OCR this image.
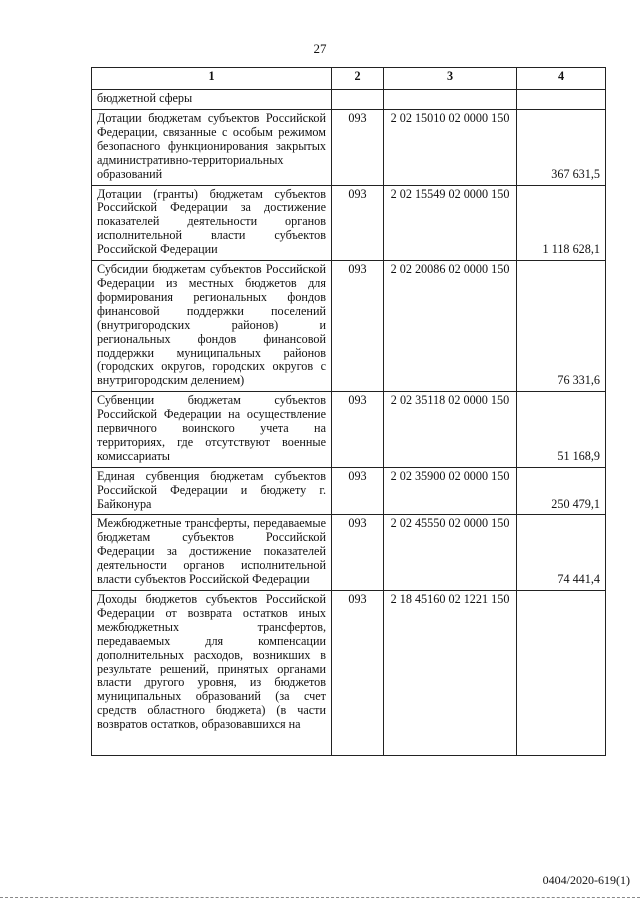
27
1	2	3	4
бюджетной сферы			
Дотации бюджетам субъектов Российской Федерации, связанные с особым режимом безопасного функционирования закрытых административно-территориальных образований	093	2 02 15010 02 0000 150	367 631,5
Дотации (гранты) бюджетам субъектов Российской Федерации за достижение показателей деятельности органов исполнительной власти субъектов Российской Федерации	093	2 02 15549 02 0000 150	1 118 628,1
Субсидии бюджетам субъектов Российской Федерации из местных бюджетов для формирования региональных фондов финансовой поддержки поселений (внутригородских районов) и региональных фондов финансовой поддержки муниципальных районов (городских округов, городских округов с внутригородским делением)	093	2 02 20086 02 0000 150	76 331,6
Субвенции бюджетам субъектов Российской Федерации на осуществление первичного воинского учета на территориях, где отсутствуют военные комиссариаты	093	2 02 35118 02 0000 150	51 168,9
Единая субвенция бюджетам субъектов Российской Федерации и бюджету г. Байконура	093	2 02 35900 02 0000 150	250 479,1
Межбюджетные трансферты, передаваемые бюджетам субъектов Российской Федерации за достижение показателей деятельности органов исполнительной власти субъектов Российской Федерации	093	2 02 45550 02 0000 150	74 441,4
Доходы бюджетов субъектов Российской Федерации от возврата остатков иных межбюджетных трансфертов, передаваемых для компенсации дополнительных расходов, возникших в результате решений, принятых органами власти другого уровня, из бюджетов муниципальных образований (за счет средств областного бюджета) (в части возвратов остатков, образовавшихся на	093	2 18 45160 02 1221 150	
0404/2020-619(1)
